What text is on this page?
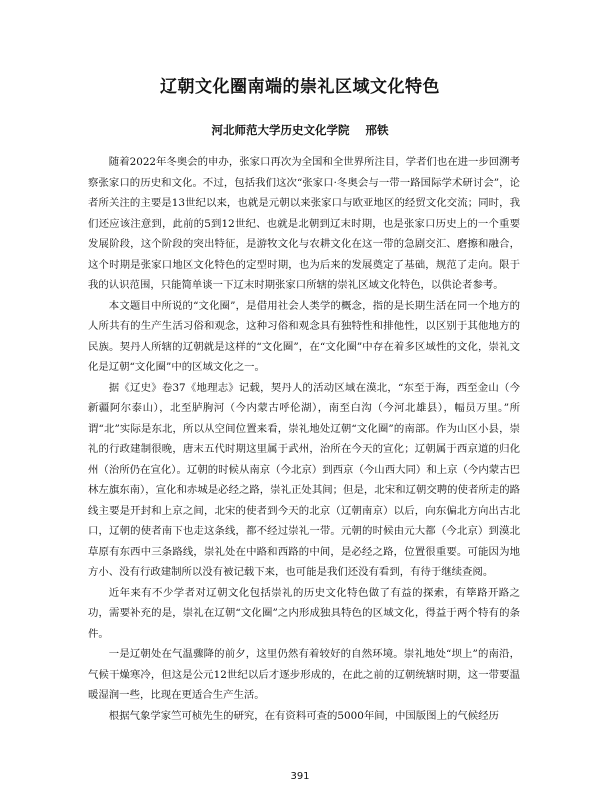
辽朝文化圈南端的崇礼区域文化特色
河北师范大学历史文化学院 邢铁

随着2022年冬奥会的申办，张家口再次为全国和全世界所注目，学者们也在进一步回溯考察张家口的历史和文化。不过，包括我们这次“张家口·冬奥会与一带一路国际学术研讨会”，论者所关注的主要是13世纪以来，也就是元朝以来张家口与欧亚地区的经贸文化交流；同时，我们还应该注意到，此前的5到12世纪、也就是北朝到辽末时期，也是张家口历史上的一个重要发展阶段，这个阶段的突出特征，是游牧文化与农耕文化在这一带的急剧交汇、磨擦和融合，这个时期是张家口地区文化特色的定型时期，也为后来的发展奠定了基础，规范了走向。限于我的认识范围，只能简单谈一下辽末时期张家口所辖的崇礼区域文化特色，以供论者参考。

本文题目中所说的“文化圈”，是借用社会人类学的概念，指的是长期生活在同一个地方的人所共有的生产生活习俗和观念，这种习俗和观念具有独特性和排他性，以区别于其他地方的民族。契丹人所辖的辽朝就是这样的“文化圈”，在“文化圈”中存在着多区域性的文化，崇礼文化是辽朝“文化圈”中的区域文化之一。

据《辽史》卷37《地理志》记载，契丹人的活动区域在漠北，“东至于海，西至金山（今新疆阿尔泰山），北至胪朐河（今内蒙古呼伦湖），南至白沟（今河北雄县），幅员万里。”所谓“北”实际是东北，所以从空间位置来看，崇礼地处辽朝“文化圈”的南部。作为山区小县，崇礼的行政建制很晚，唐末五代时期这里属于武州，治所在今天的宣化；辽朝属于西京道的归化州（治所仍在宣化）。辽朝的时候从南京（今北京）到西京（今山西大同）和上京（今内蒙古巴林左旗东南），宣化和赤城是必经之路，崇礼正处其间；但是，北宋和辽朝交聘的使者所走的路线主要是开封和上京之间，北宋的使者到今天的北京（辽朝南京）以后，向东偏北方向出古北口，辽朝的使者南下也走这条线，都不经过崇礼一带。元朝的时候由元大都（今北京）到漠北草原有东西中三条路线，崇礼处在中路和西路的中间，是必经之路，位置很重要。可能因为地方小、没有行政建制所以没有被记载下来，也可能是我们还没有看到，有待于继续查阅。

近年来有不少学者对辽朝文化包括崇礼的历史文化特色做了有益的探索，有筚路开路之功，需要补充的是，崇礼在辽朝“文化圈”之内形成独具特色的区域文化，得益于两个特有的条件。

一是辽朝处在气温骤降的前夕，这里仍然有着较好的自然环境。崇礼地处“坝上”的南沿，气候干燥寒冷，但这是公元12世纪以后才逐步形成的，在此之前的辽朝统辖时期，这一带要温暖湿润一些，比现在更适合生产生活。

根据气象学家竺可桢先生的研究，在有资料可查的5000年间，中国版图上的气候经历

391
